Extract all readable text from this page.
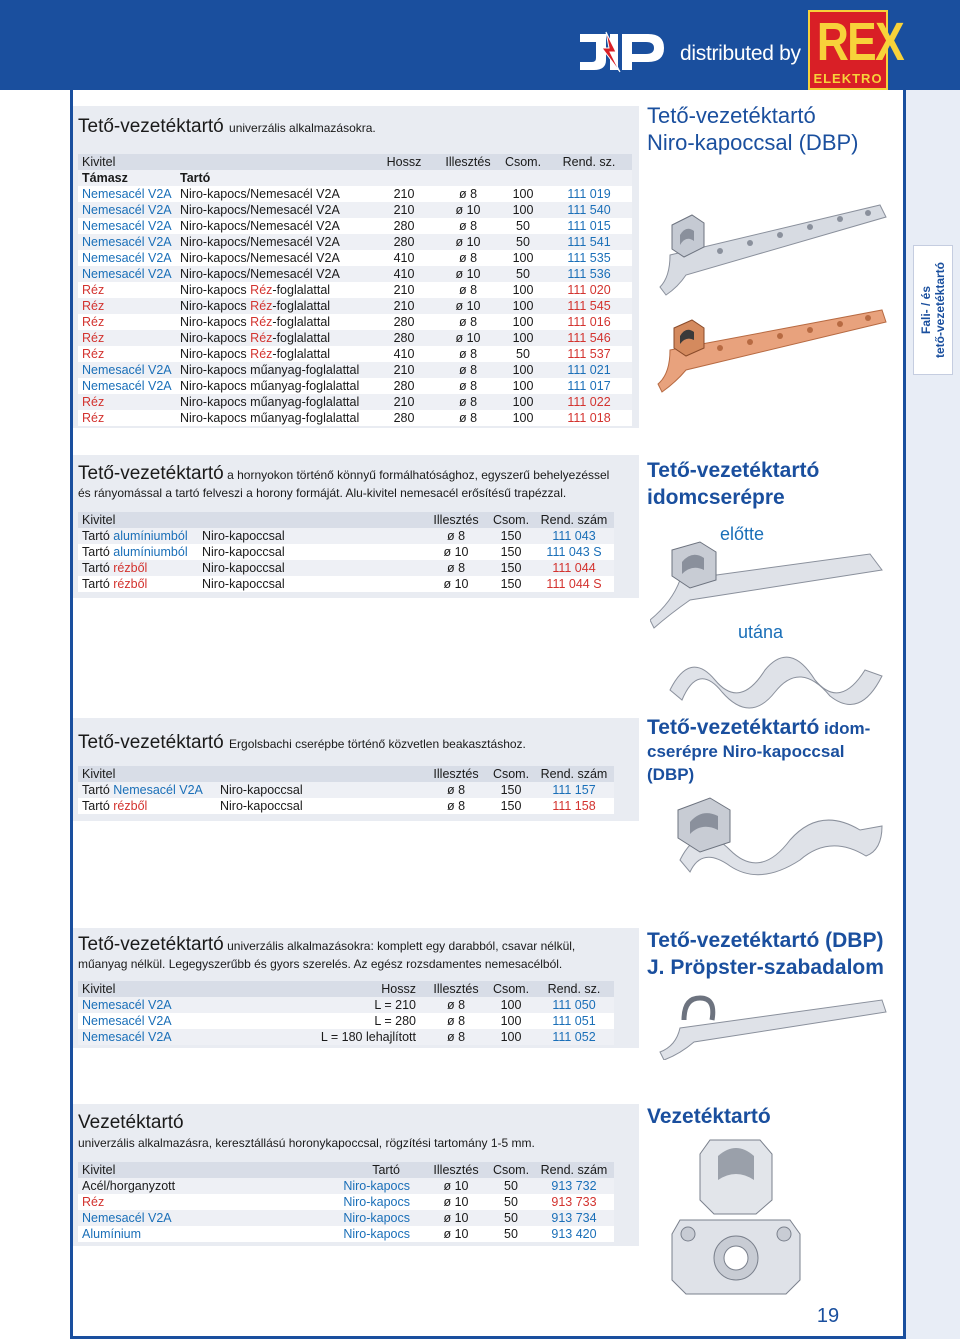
distributed by REX
ELEKTRO
Fali- / és tető-vezetéktartó
Tető-vezetéktartó univerzális alkalmazásokra.
Kivitel		Hossz	Illesztés	Csom.	Rend. sz.
Támasz	Tartó				
Nemesacél V2A	Niro-kapocs/Nemesacél V2A	210	ø 8	100	111 019
Nemesacél V2A	Niro-kapocs/Nemesacél V2A	210	ø 10	100	111 540
Nemesacél V2A	Niro-kapocs/Nemesacél V2A	280	ø 8	50	111 015
Nemesacél V2A	Niro-kapocs/Nemesacél V2A	280	ø 10	50	111 541
Nemesacél V2A	Niro-kapocs/Nemesacél V2A	410	ø 8	100	111 535
Nemesacél V2A	Niro-kapocs/Nemesacél V2A	410	ø 10	50	111 536
Réz	Niro-kapocs Réz-foglalattal	210	ø 8	100	111 020
Réz	Niro-kapocs Réz-foglalattal	210	ø 10	100	111 545
Réz	Niro-kapocs Réz-foglalattal	280	ø 8	100	111 016
Réz	Niro-kapocs Réz-foglalattal	280	ø 10	100	111 546
Réz	Niro-kapocs Réz-foglalattal	410	ø 8	50	111 537
Nemesacél V2A	Niro-kapocs műanyag-foglalattal	210	ø 8	100	111 021
Nemesacél V2A	Niro-kapocs műanyag-foglalattal	280	ø 8	100	111 017
Réz	Niro-kapocs műanyag-foglalattal	210	ø 8	100	111 022
Réz	Niro-kapocs műanyag-foglalattal	280	ø 8	100	111 018
Tető-vezetéktartó
Niro-kapoccsal (DBP)
Tető-vezetéktartó a hornyokon történő könnyű formálhatósághoz, egyszerű behelyezéssel
és rányomással a tartó felveszi a horony formáját. Alu-kivitel nemesacél erősítésű trapézzal.
Kivitel		Illesztés	Csom.	Rend. szám
Tartó alumíniumból	Niro-kapoccsal	ø 8	150	111 043
Tartó alumíniumból	Niro-kapoccsal	ø 10	150	111 043 S
Tartó rézből	Niro-kapoccsal	ø 8	150	111 044
Tartó rézből	Niro-kapoccsal	ø 10	150	111 044 S
Tető-vezetéktartó
idomcserépre
előtte
utána
Tető-vezetéktartó Ergolsbachi cserépbe történő közvetlen beakasztáshoz.
Kivitel		Illesztés	Csom.	Rend. szám
Tartó Nemesacél V2A	Niro-kapoccsal	ø 8	150	111 157
Tartó rézből	Niro-kapoccsal	ø 8	150	111 158
Tető-vezetéktartó idom-
cserépre Niro-kapoccsal
(DBP)
Tető-vezetéktartó univerzális alkalmazásokra: komplett egy darabból, csavar nélkül,
műanyag nélkül. Legegyszerűbb és gyors szerelés. Az egész rozsdamentes nemesacélból.
Kivitel	Hossz	Illesztés	Csom.	Rend. sz.
Nemesacél V2A	L = 210	ø 8	100	111 050
Nemesacél V2A	L = 280	ø 8	100	111 051
Nemesacél V2A	L = 180 lehajlított	ø 8	100	111 052
Tető-vezetéktartó (DBP)
J. Pröpster-szabadalom
Vezetéktartó
univerzális alkalmazásra, keresztállású horonykapoccsal, rögzítési tartomány 1-5 mm.
Kivitel	Tartó	Illesztés	Csom.	Rend. szám
Acél/horganyzott	Niro-kapocs	ø 10	50	913 732
Réz	Niro-kapocs	ø 10	50	913 733
Nemesacél V2A	Niro-kapocs	ø 10	50	913 734
Alumínium	Niro-kapocs	ø 10	50	913 420
Vezetéktartó
19
